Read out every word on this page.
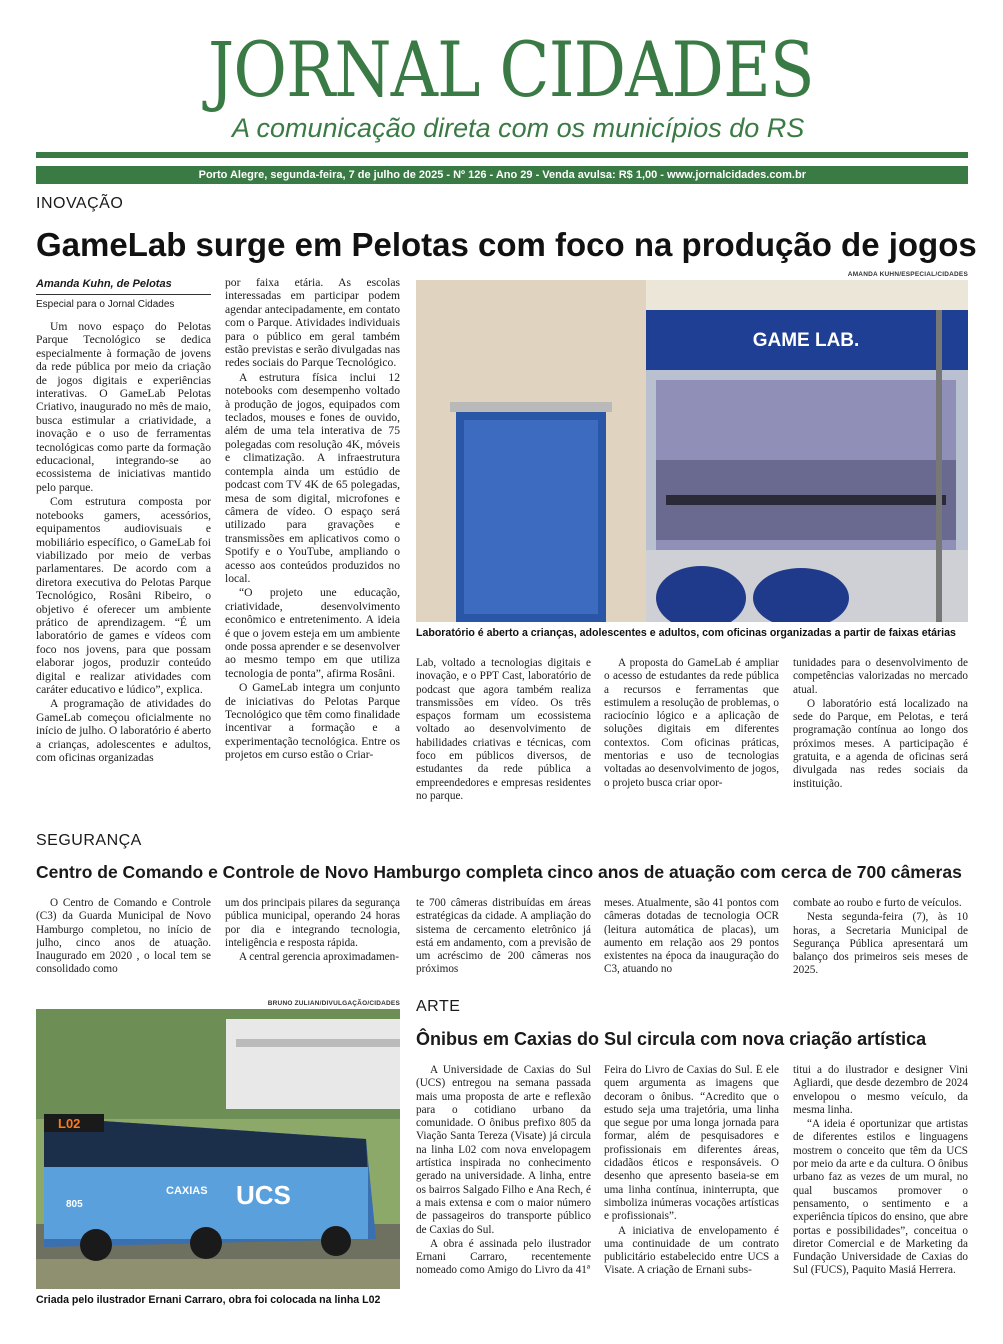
JORNAL CIDADES
A comunicação direta com os municípios do RS
Porto Alegre, segunda-feira, 7 de julho de 2025 - Nº 126 - Ano 29 - Venda avulsa: R$ 1,00 - www.jornalcidades.com.br
INOVAÇÃO
GameLab surge em Pelotas com foco na produção de jogos
Amanda Kuhn, de Pelotas
Especial para o Jornal Cidades

Um novo espaço do Pelotas Parque Tecnológico se dedica especialmente à formação de jovens da rede pública por meio da criação de jogos digitais e experiências interativas. O GameLab Pelotas Criativo, inaugurado no mês de maio, busca estimular a criatividade, a inovação e o uso de ferramentas tecnológicas como parte da formação educacional, integrando-se ao ecossistema de iniciativas mantido pelo parque.

Com estrutura composta por notebooks gamers, acessórios, equipamentos audiovisuais e mobiliário específico, o GameLab foi viabilizado por meio de verbas parlamentares. De acordo com a diretora executiva do Pelotas Parque Tecnológico, Rosâni Ribeiro, o objetivo é oferecer um ambiente prático de aprendizagem. “É um laboratório de games e vídeos com foco nos jovens, para que possam elaborar jogos, produzir conteúdo digital e realizar atividades com caráter educativo e lúdico”, explica.

A programação de atividades do GameLab começou oficialmente no início de julho. O laboratório é aberto a crianças, adolescentes e adultos, com oficinas organizadas

por faixa etária. As escolas interessadas em participar podem agendar antecipadamente, em contato com o Parque. Atividades individuais para o público em geral também estão previstas e serão divulgadas nas redes sociais do Parque Tecnológico.

A estrutura física inclui 12 notebooks com desempenho voltado à produção de jogos, equipados com teclados, mouses e fones de ouvido, além de uma tela interativa de 75 polegadas com resolução 4K, móveis e climatização. A infraestrutura contempla ainda um estúdio de podcast com TV 4K de 65 polegadas, mesa de som digital, microfones e câmera de vídeo. O espaço será utilizado para gravações e transmissões em aplicativos como o Spotify e o YouTube, ampliando o acesso aos conteúdos produzidos no local.

“O projeto une educação, criatividade, desenvolvimento econômico e entretenimento. A ideia é que o jovem esteja em um ambiente onde possa aprender e se desenvolver ao mesmo tempo em que utiliza tecnologia de ponta”, afirma Rosâni.

O GameLab integra um conjunto de iniciativas do Pelotas Parque Tecnológico que têm como finalidade incentivar a formação e a experimentação tecnológica. Entre os projetos em curso estão o Criar-

AMANDA KUHN/ESPECIAL/CIDADES
GAME LAB.
Laboratório é aberto a crianças, adolescentes e adultos, com oficinas organizadas a partir de faixas etárias

Lab, voltado a tecnologias digitais e inovação, e o PPT Cast, laboratório de podcast que agora também realiza transmissões em vídeo. Os três espaços formam um ecossistema voltado ao desenvolvimento de habilidades criativas e técnicas, com foco em públicos diversos, de estudantes da rede pública a empreendedores e empresas residentes no parque.

A proposta do GameLab é ampliar o acesso de estudantes da rede pública a recursos e ferramentas que estimulem a resolução de problemas, o raciocínio lógico e a aplicação de soluções digitais em diferentes contextos. Com oficinas práticas, mentorias e uso de tecnologias voltadas ao desenvolvimento de jogos, o projeto busca criar opor-

tunidades para o desenvolvimento de competências valorizadas no mercado atual.

O laboratório está localizado na sede do Parque, em Pelotas, e terá programação contínua ao longo dos próximos meses. A participação é gratuita, e a agenda de oficinas será divulgada nas redes sociais da instituição.

SEGURANÇA
Centro de Comando e Controle de Novo Hamburgo completa cinco anos de atuação com cerca de 700 câmeras

O Centro de Comando e Controle (C3) da Guarda Municipal de Novo Hamburgo completou, no início de julho, cinco anos de atuação. Inaugurado em 2020 , o local tem se consolidado como

um dos principais pilares da segurança pública municipal, operando 24 horas por dia e integrando tecnologia, inteligência e resposta rápida.

A central gerencia aproximadamen-

te 700 câmeras distribuídas em áreas estratégicas da cidade. A ampliação do sistema de cercamento eletrônico já está em andamento, com a previsão de um acréscimo de 200 câmeras nos próximos

meses. Atualmente, são 41 pontos com câmeras dotadas de tecnologia OCR (leitura automática de placas), um aumento em relação aos 29 pontos existentes na época da inauguração do C3, atuando no

combate ao roubo e furto de veículos.

Nesta segunda-feira (7), às 10 horas, a Secretaria Municipal de Segurança Pública apresentará um balanço dos primeiros seis meses de 2025.

BRUNO ZULIAN/DIVULGAÇÃO/CIDADES
L02
805	UCS
CAXIAS
Criada pelo ilustrador Ernani Carraro, obra foi colocada na linha L02
ARTE
Ônibus em Caxias do Sul circula com nova criação artística

A Universidade de Caxias do Sul (UCS) entregou na semana passada mais uma proposta de arte e reflexão para o cotidiano urbano da comunidade. O ônibus prefixo 805 da Viação Santa Tereza (Visate) já circula na linha L02 com nova envelopagem artística inspirada no conhecimento gerado na universidade. A linha, entre os bairros Salgado Filho e Ana Rech, é a mais extensa e com o maior número de passageiros do transporte público de Caxias do Sul.

A obra é assinada pelo ilustrador Ernani Carraro, recentemente nomeado como Amigo do Livro da 41ª

Feira do Livro de Caxias do Sul. É ele quem argumenta as imagens que decoram o ônibus. “Acredito que o estudo seja uma trajetória, uma linha que segue por uma longa jornada para formar, além de pesquisadores e profissionais em diferentes áreas, cidadãos éticos e responsáveis. O desenho que apresento baseia-se em uma linha contínua, ininterrupta, que simboliza inúmeras vocações artísticas e profissionais”.

A iniciativa de envelopamento é uma continuidade de um contrato publicitário estabelecido entre UCS a Visate. A criação de Ernani subs-

titui a do ilustrador e designer Vini Agliardi, que desde dezembro de 2024 envelopou o mesmo veículo, da mesma linha.

“A ideia é oportunizar que artistas de diferentes estilos e linguagens mostrem o conceito que têm da UCS por meio da arte e da cultura. O ônibus urbano faz as vezes de um mural, no qual buscamos promover o pensamento, o sentimento e a experiência típicos do ensino, que abre portas e possibilidades”, conceitua o diretor Comercial e de Marketing da Fundação Universidade de Caxias do Sul (FUCS), Paquito Masiá Herrera.
